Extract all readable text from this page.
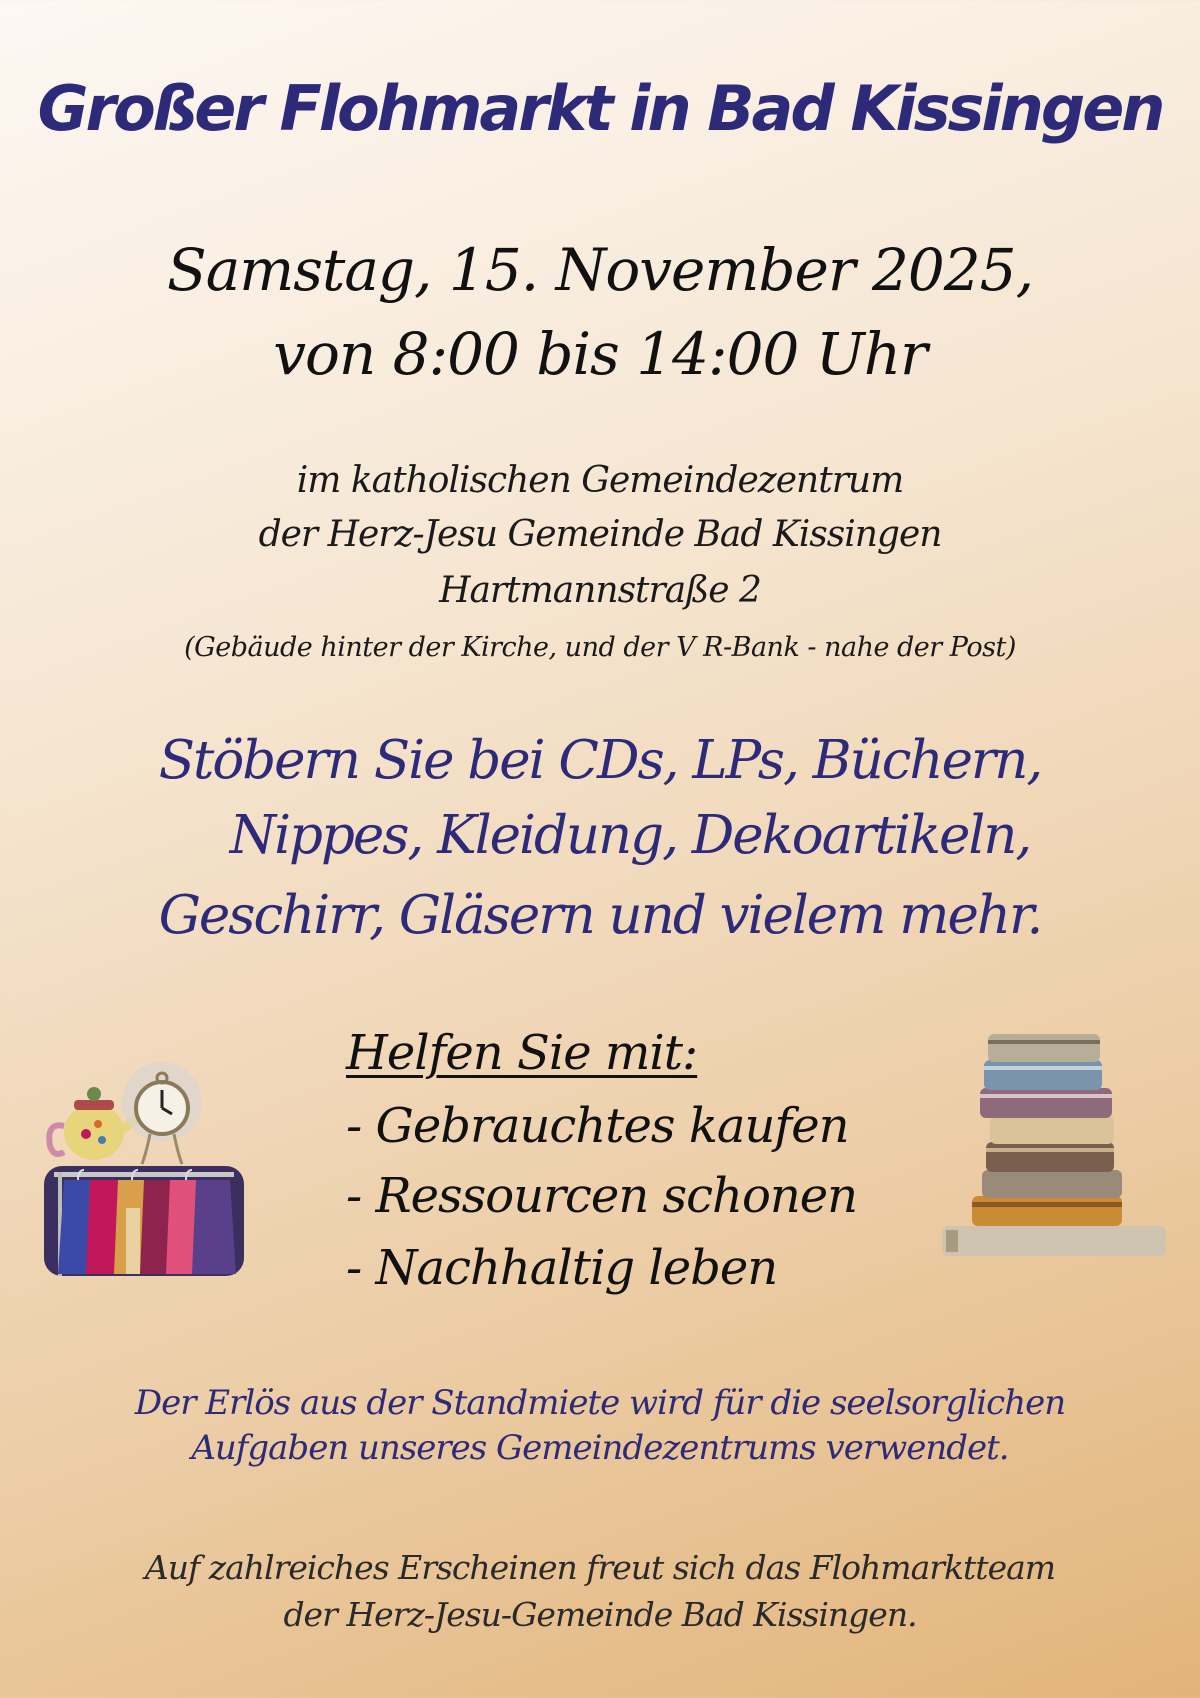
Großer Flohmarkt in Bad Kissingen
Samstag, 15. November 2025,
von 8:00 bis 14:00 Uhr
im katholischen Gemeindezentrum
der Herz-Jesu Gemeinde Bad Kissingen
Hartmannstraße 2
(Gebäude hinter der Kirche, und der V R-Bank - nahe der Post)
Stöbern Sie bei CDs, LPs, Büchern,
Nippes, Kleidung, Dekoartikeln,
Geschirr, Gläsern und vielem mehr.
Helfen Sie mit:
- Gebrauchtes kaufen
- Ressourcen schonen
- Nachhaltig leben
Der Erlös aus der Standmiete wird für die seelsorglichen
Aufgaben unseres Gemeindezentrums verwendet.
Auf zahlreiches Erscheinen freut sich das Flohmarktteam
der Herz-Jesu-Gemeinde Bad Kissingen.
